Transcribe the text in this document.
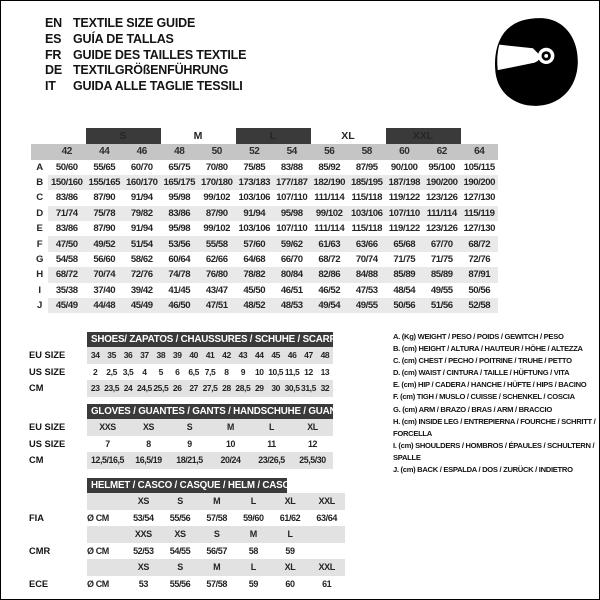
EN TEXTILE SIZE GUIDE
ES GUÍA DE TALLAS
FR GUIDE DES TAILLES TEXTILE
DE TEXTILGRÖßENFÜHRUNG
IT	GUIDA ALLE TAGLIE TESSILI
		S		M		L		XL		XXL		
	42	44	46	48	50	52	54	56	58	60	62	64
A	50/60	55/65	60/70	65/75	70/80	75/85	83/88	85/92	87/95	90/100	95/100	105/115
B	150/160	155/165	160/170	165/175	170/180	173/183	177/187	182/190	185/195	187/198	190/200	190/200
C	83/86	87/90	91/94	95/98	99/102	103/106	107/110	111/114	115/118	119/122	123/126	127/130
D	71/74	75/78	79/82	83/86	87/90	91/94	95/98	99/102	103/106	107/110	111/114	115/119
E	83/86	87/90	91/94	95/98	99/102	103/106	107/110	111/114	115/118	119/122	123/126	127/130
F	47/50	49/52	51/54	53/56	55/58	57/60	59/62	61/63	63/66	65/68	67/70	68/72
G	54/58	56/60	58/62	60/64	62/66	64/68	66/70	68/72	70/74	71/75	71/75	72/76
H	68/72	70/74	72/76	74/78	76/80	78/82	80/84	82/86	84/88	85/89	85/89	87/91
I	35/38	37/40	39/42	41/45	43/47	45/50	46/51	46/52	47/53	48/54	49/55	50/56
J	45/49	44/48	45/49	46/50	47/51	48/52	48/53	49/54	49/55	50/56	51/56	52/58
SHOES/ ZAPATOS / CHAUSSURES / SCHUHE / SCARPE
EU SIZE	34 35 36 37 38 39 40 41 42 43 44 45 46 47 48
US SIZE	2	2,5 3,5	4	5	6	6,5 7,5	8	9	10 10,5 11,5 12 13
CM	23 23,5 24 24,5 25,5 26 27 27,5 28 28,5 29 30 30,5 31,5 32
GLOVES / GUANTES / GANTS / HANDSCHUHE / GUANTI
EU SIZE	XXS	XS	S	M	L	XL
US SIZE	7	8	9	10	11	12
CM	12,5/16,5	16,5/19	18/21,5	20/24	23/26,5	25,5/30
HELMET / CASCO / CASQUE / HELM / CASCO
XS	S	M	L	XL	XXL
FIA	Ø CM	53/54	55/56	57/58	59/60	61/62	63/64
XXS	XS	S	M	L
CMR	Ø CM	52/53	54/55	56/57	58	59
XS	S	M	L	XL	XXL
ECE	Ø CM	53	55/56	57/58	59	60	61
A. (Kg) WEIGHT / PESO / POIDS / GEWITCH / PESO
B. (cm) HEIGHT / ALTURA / HAUTEUR / HÖHE / ALTEZZA
C. (cm) CHEST / PECHO / POITRINE / TRUHE / PETTO
D. (cm) WAIST / CINTURA / TAILLE / HÜFTUNG / VITA
E. (cm) HIP / CADERA / HANCHE / HÜFTE / HIPS / BACINO
F. (cm) TIGH / MUSLO / CUISSE / SCHENKEL / COSCIA
G. (cm) ARM / BRAZO / BRAS / ARM / BRACCIO
H. (cm) INSIDE LEG / ENTREPIERNA / FOURCHE / SCHRITT / FORCELLA
I. (cm) SHOULDERS / HOMBROS / ÉPAULES / SCHULTERN / SPALLE
J. (cm) BACK / ESPALDA / DOS / ZURÜCK / INDIETRO
